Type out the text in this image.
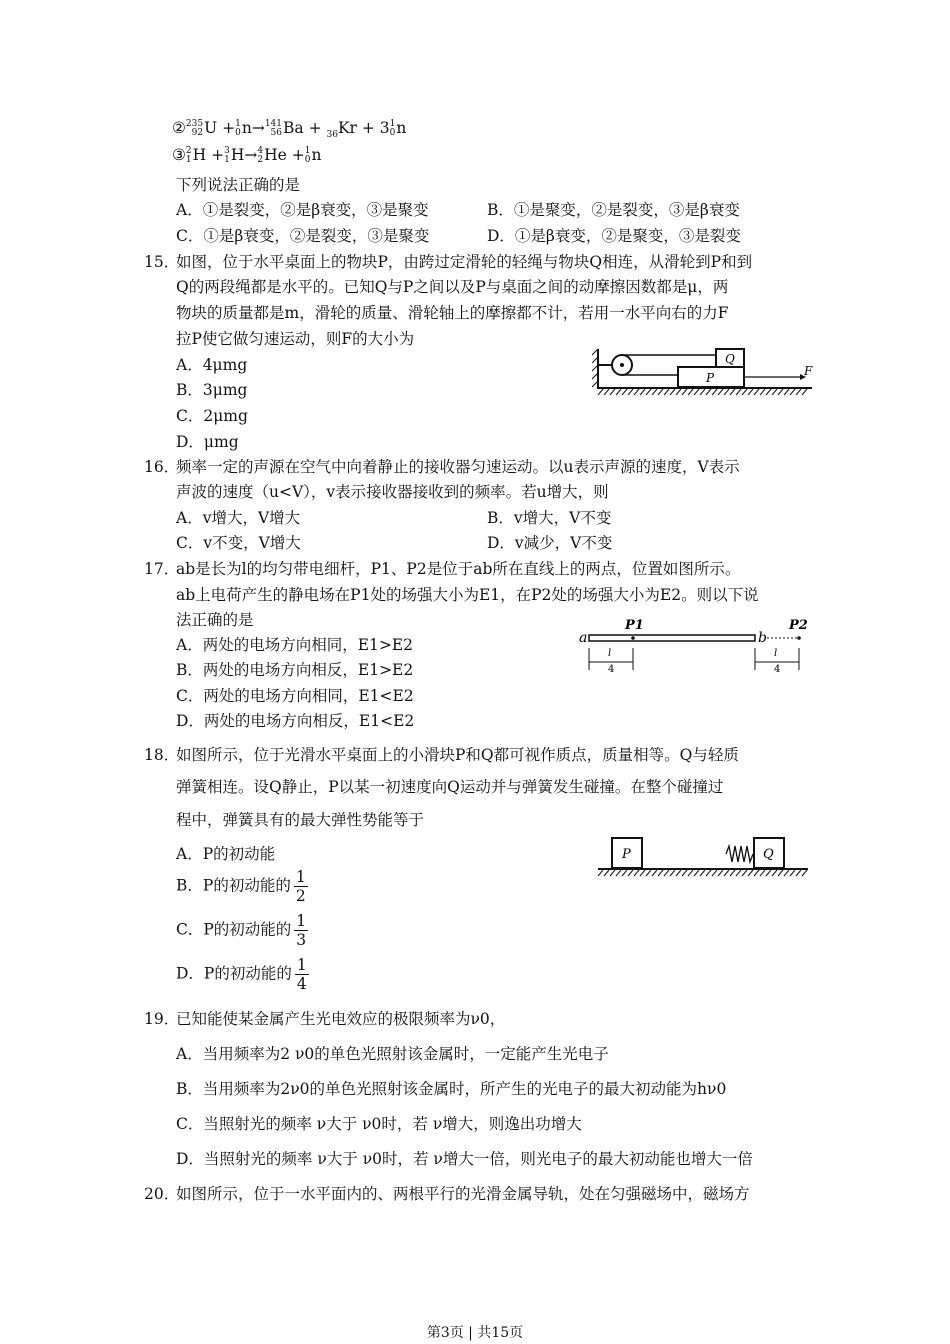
② 235
92 U + 1
0 n→ 141
56 Ba + $_{36}$Kr + 3 1
0 n
③ 2
1 H + 3
1 H→ 4
2 He + 1
0 n
下列说法正确的是
A．①是裂变，②是β衰变，③是聚变	B．①是聚变，②是裂变，③是β衰变
C．①是β衰变，②是裂变，③是聚变	D．①是β衰变，②是聚变，③是裂变
15．
如图，位于水平桌面上的物块P，由跨过定滑轮的轻绳与物块Q相连，从滑轮到P和到
Q的两段绳都是水平的。已知Q与P之间以及P与桌面之间的动摩擦因数都是μ，两
物块的质量都是m，滑轮的质量、滑轮轴上的摩擦都不计，若用一水平向右的力F
拉P使它做匀速运动，则F的大小为
A．4μmg
B．3μmg
C．2μmg
D．μmg
Q
P	F
16．
频率一定的声源在空气中向着静止的接收器匀速运动。以u表示声源的速度，V表示
声波的速度（u<V），v表示接收器接收到的频率。若u增大，则
A．v增大，V增大	B．v增大，V不变
C．v不变，V增大	D．v减少，V不变
17．
ab是长为l的均匀带电细杆，P1、P2是位于ab所在直线上的两点，位置如图所示。
ab上电荷产生的静电场在P1处的场强大小为E1，在P2处的场强大小为E2。则以下说
法正确的是
A．两处的电场方向相同，E1>E2
B．两处的电场方向相反，E1>E2
C．两处的电场方向相同，E1<E2
D．两处的电场方向相反，E1<E2
a
P1
b
P2
l
4
l
4
18．
如图所示，位于光滑水平桌面上的小滑块P和Q都可视作质点，质量相等。Q与轻质
弹簧相连。设Q静止，P以某一初速度向Q运动并与弹簧发生碰撞。在整个碰撞过
程中，弹簧具有的最大弹性势能等于
A．P的初动能
B．P的初动能的 $\frac{1}{2}$
C．P的初动能的 $\frac{1}{3}$
D．P的初动能的 $\frac{1}{4}$
P	Q
19．
已知能使某金属产生光电效应的极限频率为ν0，
A．当用频率为2 ν0的单色光照射该金属时，一定能产生光电子
B．当用频率为2ν0的单色光照射该金属时，所产生的光电子的最大初动能为hν0
C．当照射光的频率 ν大于 ν0时，若 ν增大，则逸出功增大
D．当照射光的频率 ν大于 ν0时，若 ν增大一倍，则光电子的最大初动能也增大一倍
20．
如图所示，位于一水平面内的、两根平行的光滑金属导轨，处在匀强磁场中，磁场方
第3页 | 共15页
